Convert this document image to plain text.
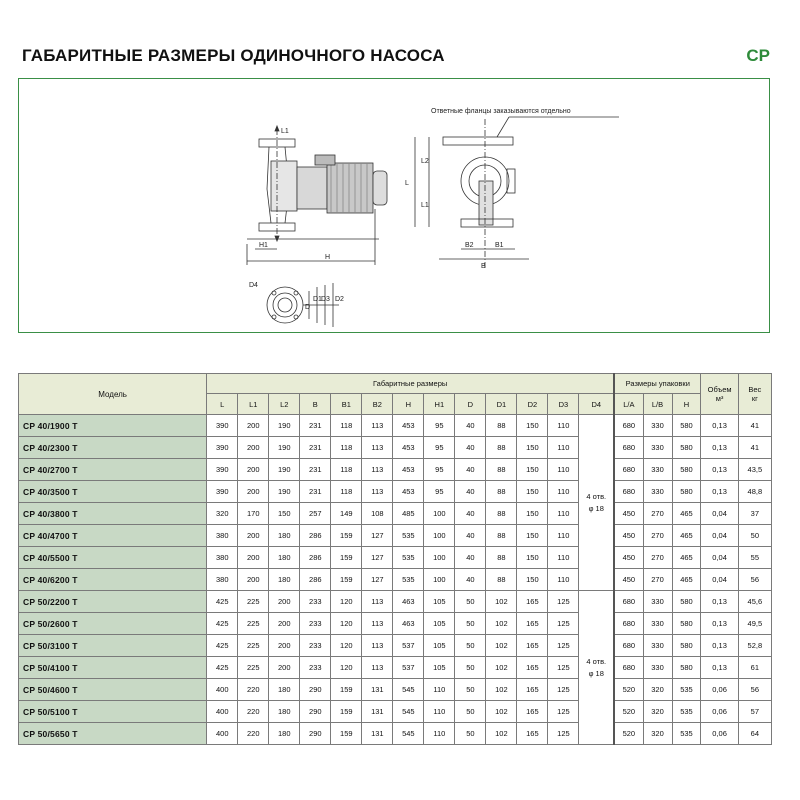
ГАБАРИТНЫЕ РАЗМЕРЫ ОДИНОЧНОГО НАСОСА	CP
Ответные фланцы заказываются отдельно
H
H1
L1
L
L2
L1
B2	B1
B
D4
D
D1 D3 D2
Модель	Габаритные размеры													Размеры упаковки			Объем
м³	Вес
кг
	L	L1	L2	B	B1	B2	H	H1	D	D1	D2	D3	D4	L/A	L/B	H		
CP 40/1900 T	390	200	190	231	118	113	453	95	40	88	150	110	4 отв.
φ 18	680	330	580	0,13	41
CP 40/2300 T	390	200	190	231	118	113	453	95	40	88	150	110		680	330	580	0,13	41
CP 40/2700 T	390	200	190	231	118	113	453	95	40	88	150	110		680	330	580	0,13	43,5
CP 40/3500 T	390	200	190	231	118	113	453	95	40	88	150	110		680	330	580	0,13	48,8
CP 40/3800 T	320	170	150	257	149	108	485	100	40	88	150	110		450	270	465	0,04	37
CP 40/4700 T	380	200	180	286	159	127	535	100	40	88	150	110		450	270	465	0,04	50
CP 40/5500 T	380	200	180	286	159	127	535	100	40	88	150	110		450	270	465	0,04	55
CP 40/6200 T	380	200	180	286	159	127	535	100	40	88	150	110		450	270	465	0,04	56
CP 50/2200 T	425	225	200	233	120	113	463	105	50	102	165	125	4 отв.
φ 18	680	330	580	0,13	45,6
CP 50/2600 T	425	225	200	233	120	113	463	105	50	102	165	125		680	330	580	0,13	49,5
CP 50/3100 T	425	225	200	233	120	113	537	105	50	102	165	125		680	330	580	0,13	52,8
CP 50/4100 T	425	225	200	233	120	113	537	105	50	102	165	125		680	330	580	0,13	61
CP 50/4600 T	400	220	180	290	159	131	545	110	50	102	165	125		520	320	535	0,06	56
CP 50/5100 T	400	220	180	290	159	131	545	110	50	102	165	125		520	320	535	0,06	57
CP 50/5650 T	400	220	180	290	159	131	545	110	50	102	165	125		520	320	535	0,06	64
